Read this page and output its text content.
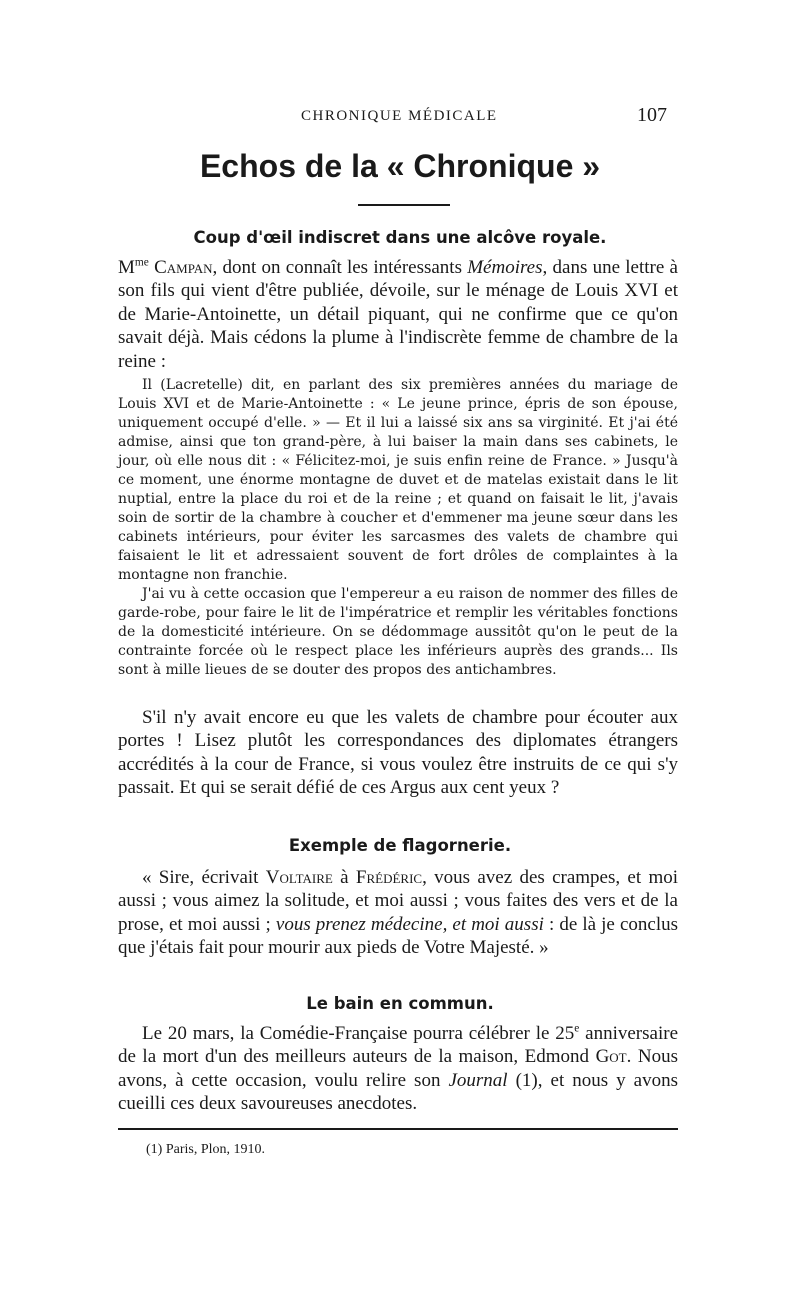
CHRONIQUE MÉDICALE	107
Echos de la « Chronique »
Coup d'œil indiscret dans une alcôve royale.

$M^{me}$ Campan, dont on connaît les intéressants Mémoires, dans une lettre à son fils qui vient d'être publiée, dévoile, sur le ménage de Louis XVI et de Marie-Antoinette, un détail piquant, qui ne confirme que ce qu'on savait déjà. Mais cédons la plume à l'indiscrète femme de chambre de la reine :

Il (Lacretelle) dit, en parlant des six premières années du mariage de Louis XVI et de Marie-Antoinette : « Le jeune prince, épris de son épouse, uniquement occupé d'elle. » — Et il lui a laissé six ans sa virginité. Et j'ai été admise, ainsi que ton grand-père, à lui baiser la main dans ses cabinets, le jour, où elle nous dit : « Félicitez-moi, je suis enfin reine de France. » Jusqu'à ce moment, une énorme montagne de duvet et de matelas existait dans le lit nuptial, entre la place du roi et de la reine ; et quand on faisait le lit, j'avais soin de sortir de la chambre à coucher et d'emmener ma jeune sœur dans les cabinets intérieurs, pour éviter les sarcasmes des valets de chambre qui faisaient le lit et adressaient souvent de fort drôles de complaintes à la montagne non franchie.

J'ai vu à cette occasion que l'empereur a eu raison de nommer des filles de garde-robe, pour faire le lit de l'impératrice et remplir les véritables fonctions de la domesticité intérieure. On se dédommage aussitôt qu'on le peut de la contrainte forcée où le respect place les inférieurs auprès des grands... Ils sont à mille lieues de se douter des propos des antichambres.

S'il n'y avait encore eu que les valets de chambre pour écouter aux portes ! Lisez plutôt les correspondances des diplomates étrangers accrédités à la cour de France, si vous voulez être instruits de ce qui s'y passait. Et qui se serait défié de ces Argus aux cent yeux ?

Exemple de flagornerie.

« Sire, écrivait Voltaire à Frédéric, vous avez des crampes, et moi aussi ; vous aimez la solitude, et moi aussi ; vous faites des vers et de la prose, et moi aussi ; vous prenez médecine, et moi aussi : de là je conclus que j'étais fait pour mourir aux pieds de Votre Majesté. »

Le bain en commun.

Le 20 mars, la Comédie-Française pourra célébrer le 25e anniversaire de la mort d'un des meilleurs auteurs de la maison, Edmond Got. Nous avons, à cette occasion, voulu relire son Journal (1), et nous y avons cueilli ces deux savoureuses anecdotes.

(1) Paris, Plon, 1910.
